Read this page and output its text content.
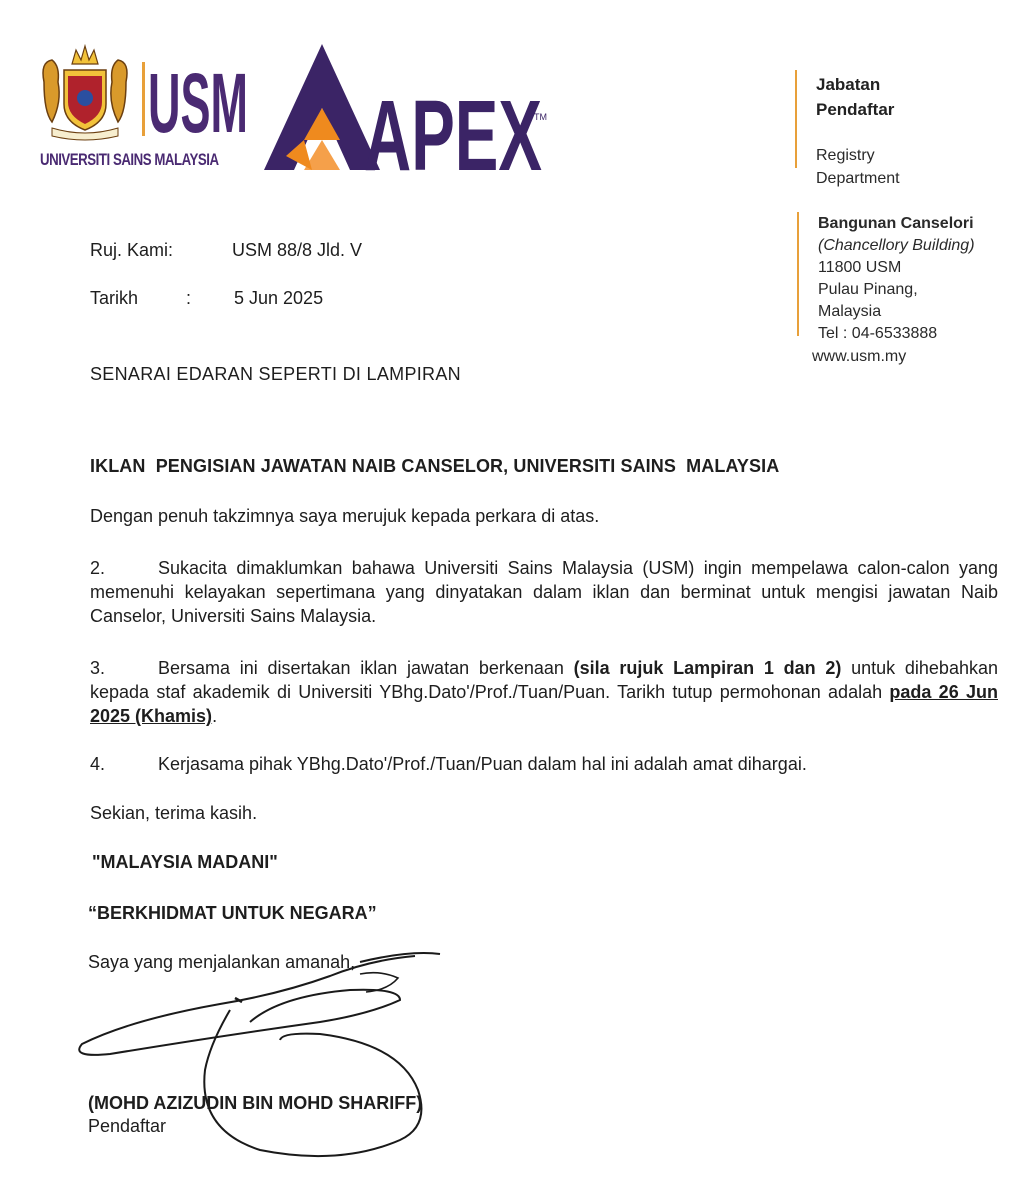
USM
UNIVERSITI SAINS MALAYSIA APEX
TM
Jabatan
Pendaftar
Registry
Department
Bangunan Canselori
(Chancellory Building)
11800 USM
Pulau Pinang,
Malaysia
Tel : 04-6533888
www.usm.my
Ruj. Kami:	USM 88/8 Jld. V
Tarikh	: 5 Jun 2025
SENARAI EDARAN SEPERTI DI LAMPIRAN
IKLAN  PENGISIAN JAWATAN NAIB CANSELOR, UNIVERSITI SAINS  MALAYSIA
Dengan penuh takzimnya saya merujuk kepada perkara di atas.
2.	Sukacita dimaklumkan bahawa Universiti Sains Malaysia (USM) ingin mempelawa calon-calon yang memenuhi kelayakan sepertimana yang dinyatakan dalam iklan dan berminat untuk mengisi jawatan Naib Canselor, Universiti Sains Malaysia.
3.	Bersama ini disertakan iklan jawatan berkenaan (sila rujuk Lampiran 1 dan 2) untuk dihebahkan kepada staf akademik di Universiti YBhg.Dato'/Prof./Tuan/Puan. Tarikh tutup permohonan adalah pada 26 Jun 2025 (Khamis).
4.	Kerjasama pihak YBhg.Dato'/Prof./Tuan/Puan dalam hal ini adalah amat dihargai.
Sekian, terima kasih.
"MALAYSIA MADANI"
“BERKHIDMAT UNTUK NEGARA”
Saya yang menjalankan amanah,
(MOHD AZIZUDIN BIN MOHD SHARIFF)
Pendaftar
